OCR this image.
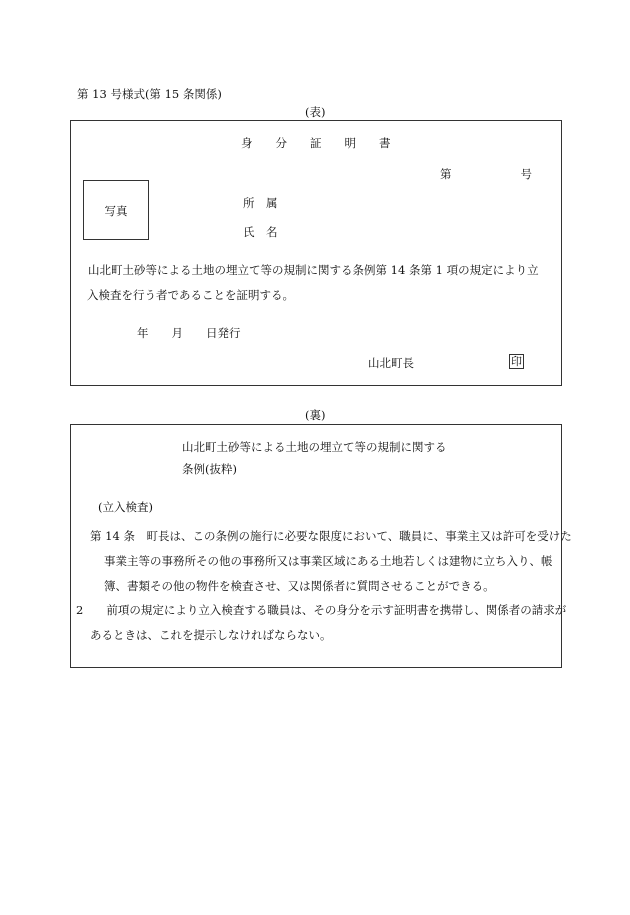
第 13 号様式(第 15 条関係)
(表)
身　　分　　証　　明　　書
第　　　　　　号
写真
所　属
氏　名
山北町土砂等による土地の埋立て等の規制に関する条例第 14 条第 1 項の規定により立入検査を行う者であることを証明する。
年　　月　　日発行
山北町長	印
(裏)
山北町土砂等による土地の埋立て等の規制に関する
条例(抜粋)
(立入検査)
第 14 条　町長は、この条例の施行に必要な限度において、職員に、事業主又は許可を受けた事業主等の事務所その他の事務所又は事業区域にある土地若しくは建物に立ち入り、帳簿、書類その他の物件を検査させ、又は関係者に質問させることができる。
2　　前項の規定により立入検査する職員は、その身分を示す証明書を携帯し、関係者の請求があるときは、これを提示しなければならない。
